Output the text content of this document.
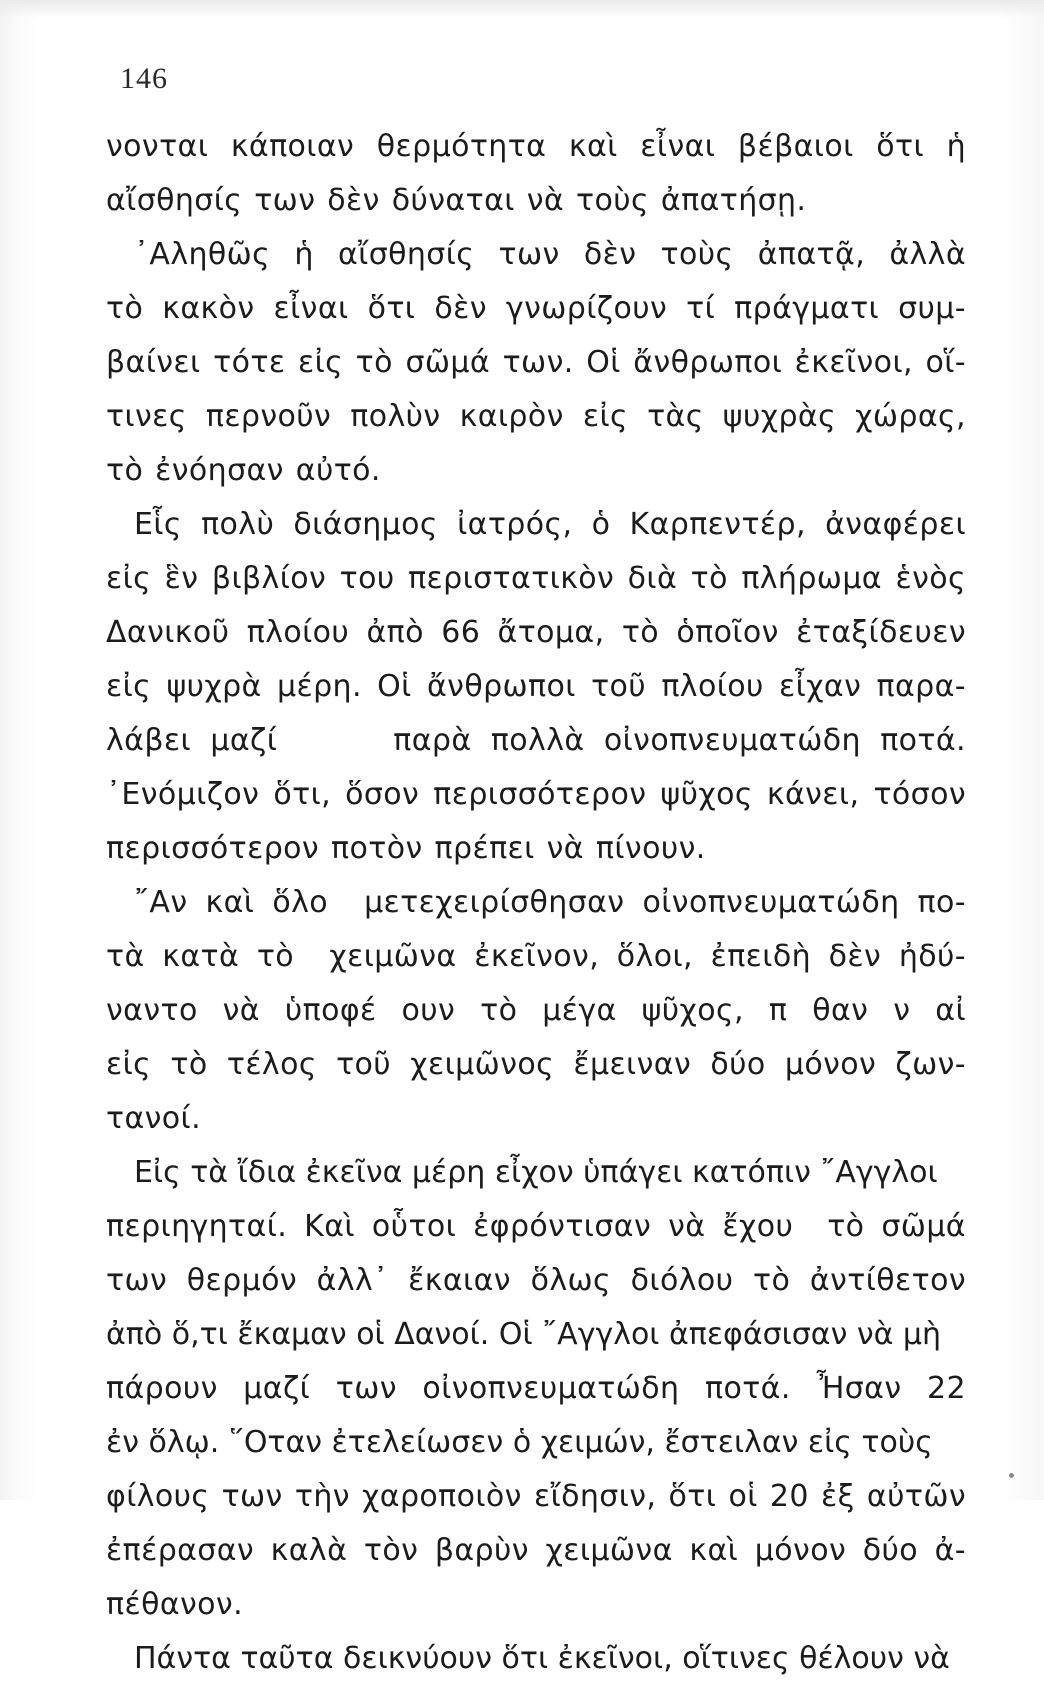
146
νονται κάποιαν θερμότητα καὶ εἶναι βέβαιοι ὅτι ἡ
αἴσθησίς των δὲν δύναται νὰ τοὺς ἀπατήσῃ.
᾿Αληθῶς ἡ αἴσθησίς των δὲν τοὺς ἀπατᾷ, ἀλλὰ
τὸ κακὸν εἶναι ὅτι δὲν γνωρίζουν τί πράγματι συμ-
βαίνει τότε εἰς τὸ σῶμά των. Οἱ ἄνθρωποι ἐκεῖνοι, οἵ-
τινες περνοῦν πολὺν καιρὸν εἰς τὰς ψυχρὰς χώρας,
τὸ ἐνόησαν αὐτό.
Εἷς πολὺ διάσημος ἰατρός, ὁ Καρπεντέρ, ἀναφέρει
εἰς ἓν βιβλίον του περιστατικὸν διὰ τὸ πλήρωμα ἑνὸς
Δανικοῦ πλοίου ἀπὸ 66 ἄτομα, τὸ ὁποῖον ἐταξίδευεν
εἰς ψυχρὰ μέρη. Οἱ ἄνθρωποι τοῦ πλοίου εἶχαν παρα-
λάβει μαζί      παρὰ πολλὰ οἰνοπνευματώδη ποτά.
᾿Ενόμιζον ὅτι, ὅσον περισσότερον ψῦχος κάνει, τόσον
περισσότερον ποτὸν πρέπει νὰ πίνουν.
῎Αν καὶ ὅλο  μετεχειρίσθησαν οἰνοπνευματώδη πο-
τὰ κατὰ τὸ  χειμῶνα ἐκεῖνον, ὅλοι, ἐπειδὴ δὲν ἠδύ-
ναντο νὰ ὑποφέ ουν τὸ μέγα ψῦχος, π θαν ν αἰ
εἰς τὸ τέλος τοῦ χειμῶνος ἔμειναν δύο μόνον ζων-
τανοί.
Εἰς τὰ ἴδια ἐκεῖνα μέρη εἶχον ὑπάγει κατόπιν ῎Αγγλοι
περιηγηταί. Καὶ οὗτοι ἐφρόντισαν νὰ ἔχου  τὸ σῶμά
των θερμόν ἀλλ᾿ ἔκαιαν ὅλως διόλου τὸ ἀντίθετον
ἀπὸ ὅ,τι ἔκαμαν οἱ Δανοί. Οἱ ῎Αγγλοι ἀπεφάσισαν νὰ μὴ
πάρουν μαζί των οἰνοπνευματώδη ποτά. Ἦσαν 22
ἐν ὅλῳ. ῞Οταν ἐτελείωσεν ὁ χειμών, ἔστειλαν εἰς τοὺς
φίλους των τὴν χαροποιὸν εἴδησιν, ὅτι οἱ 20 ἐξ αὐτῶν
ἐπέρασαν καλὰ τὸν βαρὺν χειμῶνα καὶ μόνον δύο ἀ-
πέθανον.
Πάντα ταῦτα δεικνύουν ὅτι ἐκεῖνοι, οἵτινες θέλουν νὰ
